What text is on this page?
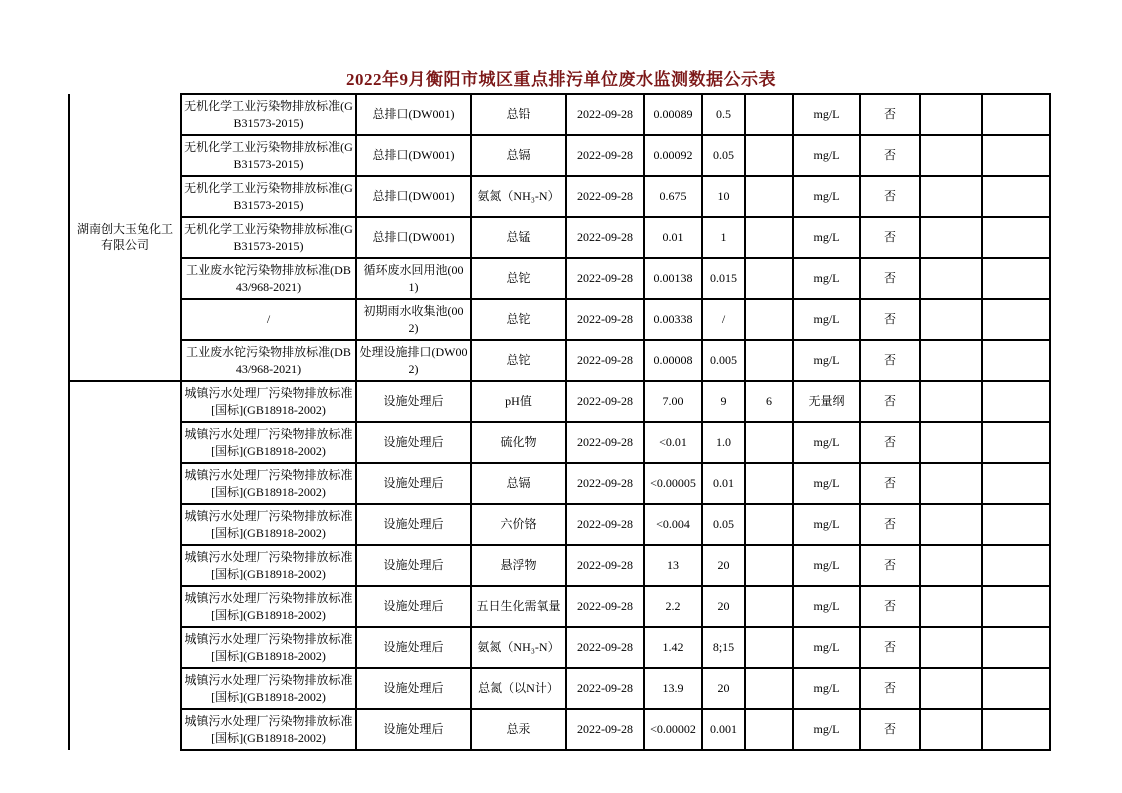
2022年9月衡阳市城区重点排污单位废水监测数据公示表
湖南创大玉兔化工有限公司	无机化学工业污染物排放标准(GB31573-2015)	总排口(DW001)	总铅	2022-09-28	0.00089	0.5		mg/L	否		
	无机化学工业污染物排放标准(GB31573-2015)	总排口(DW001)	总镉	2022-09-28	0.00092	0.05		mg/L	否		
	无机化学工业污染物排放标准(GB31573-2015)	总排口(DW001)	氨氮（NH₃-N）	2022-09-28	0.675	10		mg/L	否		
	无机化学工业污染物排放标准(GB31573-2015)	总排口(DW001)	总锰	2022-09-28	0.01	1		mg/L	否		
	工业废水铊污染物排放标准(DB43/968-2021)	循环废水回用池(001)	总铊	2022-09-28	0.00138	0.015		mg/L	否		
	/	初期雨水收集池(002)	总铊	2022-09-28	0.00338	/		mg/L	否		
	工业废水铊污染物排放标准(DB43/968-2021)	处理设施排口(DW002)	总铊	2022-09-28	0.00008	0.005		mg/L	否		
	城镇污水处理厂污染物排放标准[国标](GB18918-2002)	设施处理后	pH值	2022-09-28	7.00	9	6	无量纲	否		
	城镇污水处理厂污染物排放标准[国标](GB18918-2002)	设施处理后	硫化物	2022-09-28	<0.01	1.0		mg/L	否		
	城镇污水处理厂污染物排放标准[国标](GB18918-2002)	设施处理后	总镉	2022-09-28	<0.00005	0.01		mg/L	否		
	城镇污水处理厂污染物排放标准[国标](GB18918-2002)	设施处理后	六价铬	2022-09-28	<0.004	0.05		mg/L	否		
	城镇污水处理厂污染物排放标准[国标](GB18918-2002)	设施处理后	悬浮物	2022-09-28	13	20		mg/L	否		
	城镇污水处理厂污染物排放标准[国标](GB18918-2002)	设施处理后	五日生化需氧量	2022-09-28	2.2	20		mg/L	否		
	城镇污水处理厂污染物排放标准[国标](GB18918-2002)	设施处理后	氨氮（NH₃-N）	2022-09-28	1.42	8;15		mg/L	否		
	城镇污水处理厂污染物排放标准[国标](GB18918-2002)	设施处理后	总氮（以N计）	2022-09-28	13.9	20		mg/L	否		
	城镇污水处理厂污染物排放标准[国标](GB18918-2002)	设施处理后	总汞	2022-09-28	<0.00002	0.001		mg/L	否		
